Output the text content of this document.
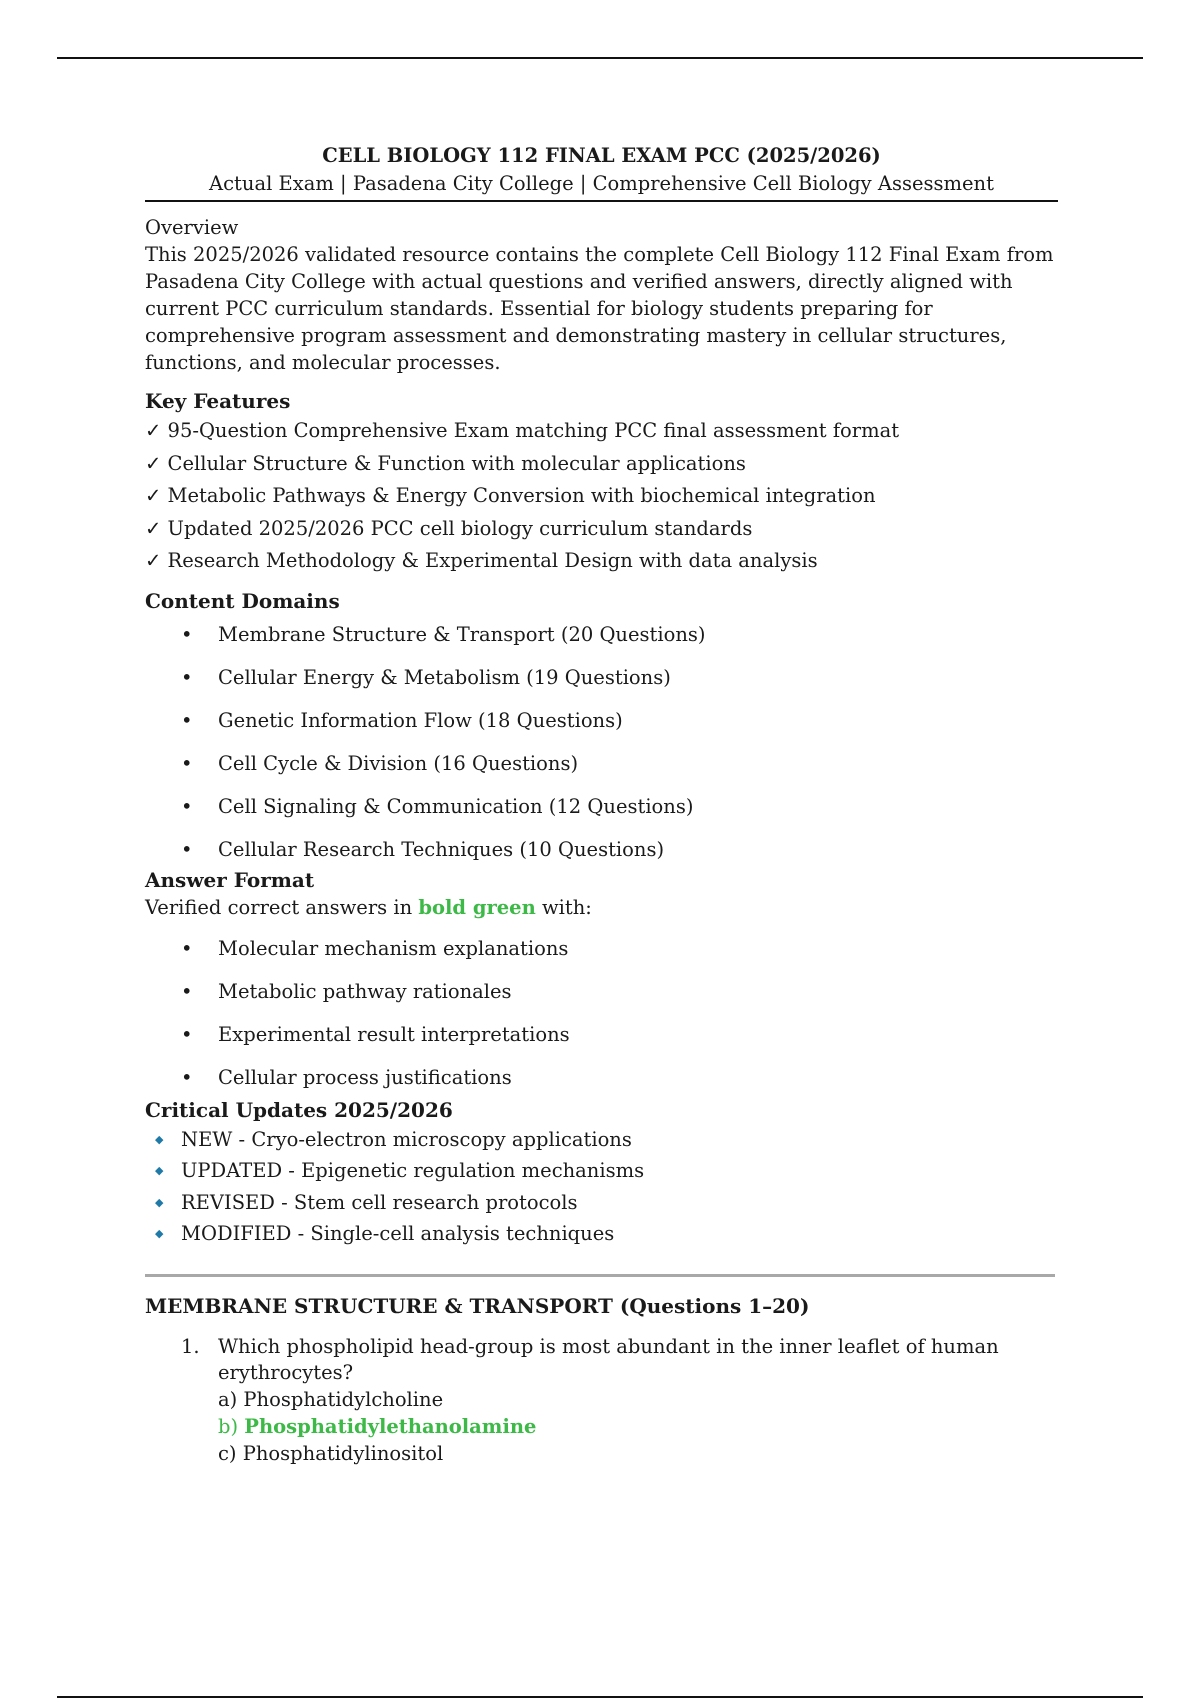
CELL BIOLOGY 112 FINAL EXAM PCC (2025/2026)
Actual Exam | Pasadena City College | Comprehensive Cell Biology Assessment
Overview
This 2025/2026 validated resource contains the complete Cell Biology 112 Final Exam from Pasadena City College with actual questions and verified answers, directly aligned with current PCC curriculum standards. Essential for biology students preparing for comprehensive program assessment and demonstrating mastery in cellular structures, functions, and molecular processes.
Key Features
✓ 95-Question Comprehensive Exam matching PCC final assessment format
✓ Cellular Structure & Function with molecular applications
✓ Metabolic Pathways & Energy Conversion with biochemical integration
✓ Updated 2025/2026 PCC cell biology curriculum standards
✓ Research Methodology & Experimental Design with data analysis
Content Domains
• Membrane Structure & Transport (20 Questions)
• Cellular Energy & Metabolism (19 Questions)
• Genetic Information Flow (18 Questions)
• Cell Cycle & Division (16 Questions)
• Cell Signaling & Communication (12 Questions)
• Cellular Research Techniques (10 Questions)
Answer Format
Verified correct answers in bold green with:
• Molecular mechanism explanations
• Metabolic pathway rationales
• Experimental result interpretations
• Cellular process justifications
Critical Updates 2025/2026
◆ NEW - Cryo-electron microscopy applications
◆ UPDATED - Epigenetic regulation mechanisms
◆ REVISED - Stem cell research protocols
◆ MODIFIED - Single-cell analysis techniques
MEMBRANE STRUCTURE & TRANSPORT (Questions 1–20)
1. Which phospholipid head-group is most abundant in the inner leaflet of human erythrocytes?
a) Phosphatidylcholine
b) Phosphatidylethanolamine
c) Phosphatidylinositol
